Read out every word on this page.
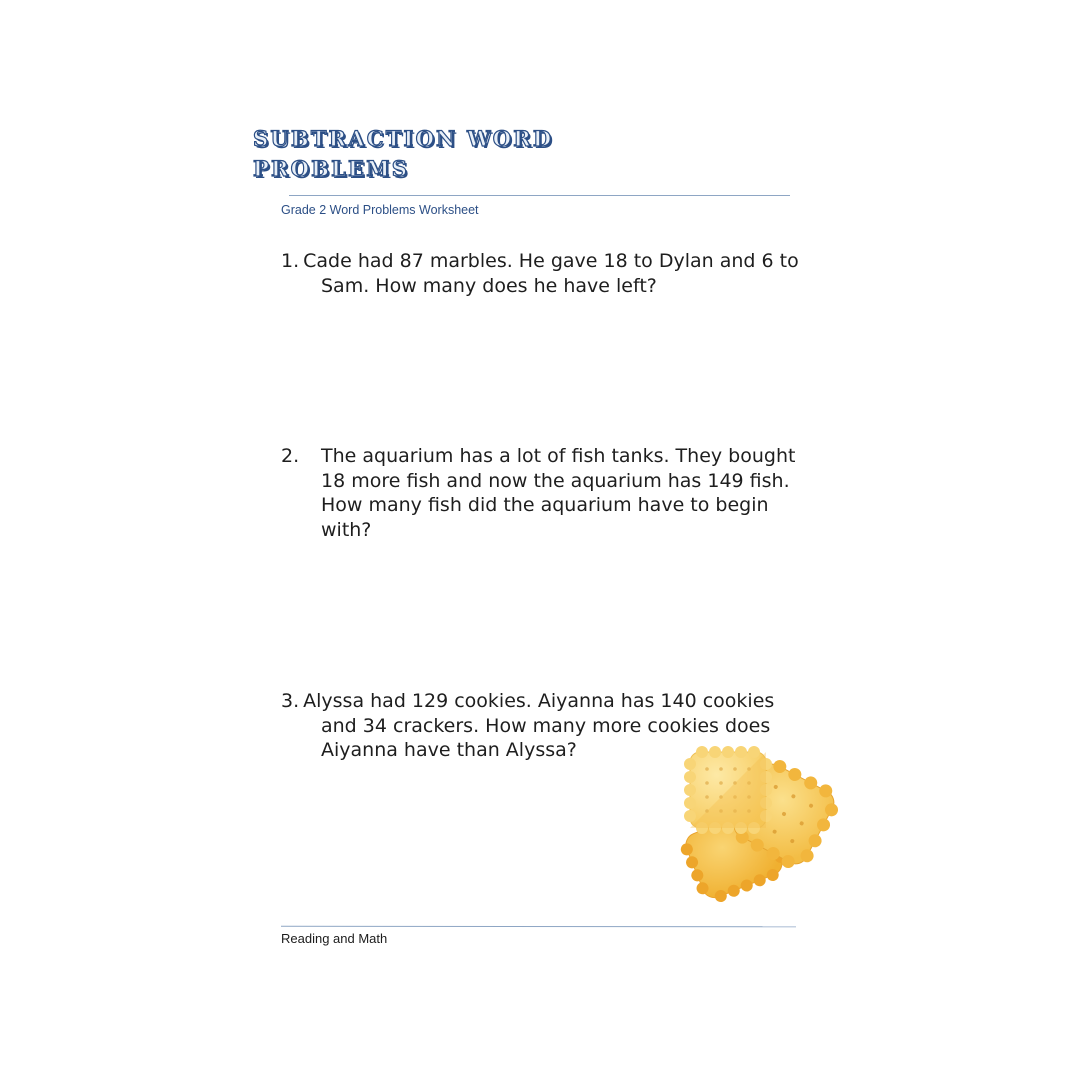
SUBTRACTION WORD PROBLEMS
Grade 2 Word Problems Worksheet
1. Cade had 87 marbles. He gave 18 to Dylan and 6 to Sam. How many does he have left?
2. The aquarium has a lot of fish tanks. They bought 18 more fish and now the aquarium has 149 fish. How many fish did the aquarium have to begin with?
3. Alyssa had 129 cookies. Aiyanna has 140 cookies and 34 crackers. How many more cookies does Aiyanna have than Alyssa?
Reading and Math
